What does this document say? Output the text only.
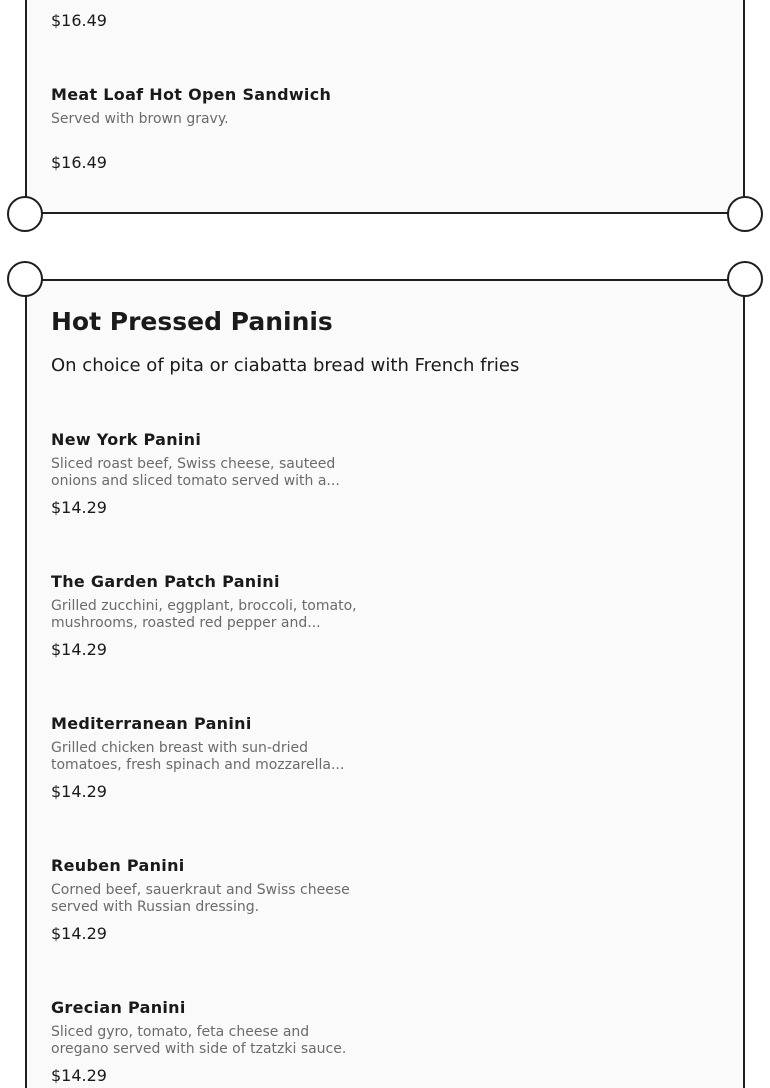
$16.49
Meat Loaf Hot Open Sandwich
Served with brown gravy.
$16.49
Hot Pressed Paninis
On choice of pita or ciabatta bread with French fries
New York Panini
Sliced roast beef, Swiss cheese, sauteed onions and sliced tomato served with a...
$14.29
The Garden Patch Panini
Grilled zucchini, eggplant, broccoli, tomato, mushrooms, roasted red pepper and...
$14.29
Mediterranean Panini
Grilled chicken breast with sun-dried tomatoes, fresh spinach and mozzarella...
$14.29
Reuben Panini
Corned beef, sauerkraut and Swiss cheese served with Russian dressing.
$14.29
Grecian Panini
Sliced gyro, tomato, feta cheese and oregano served with side of tzatzki sauce.
$14.29
